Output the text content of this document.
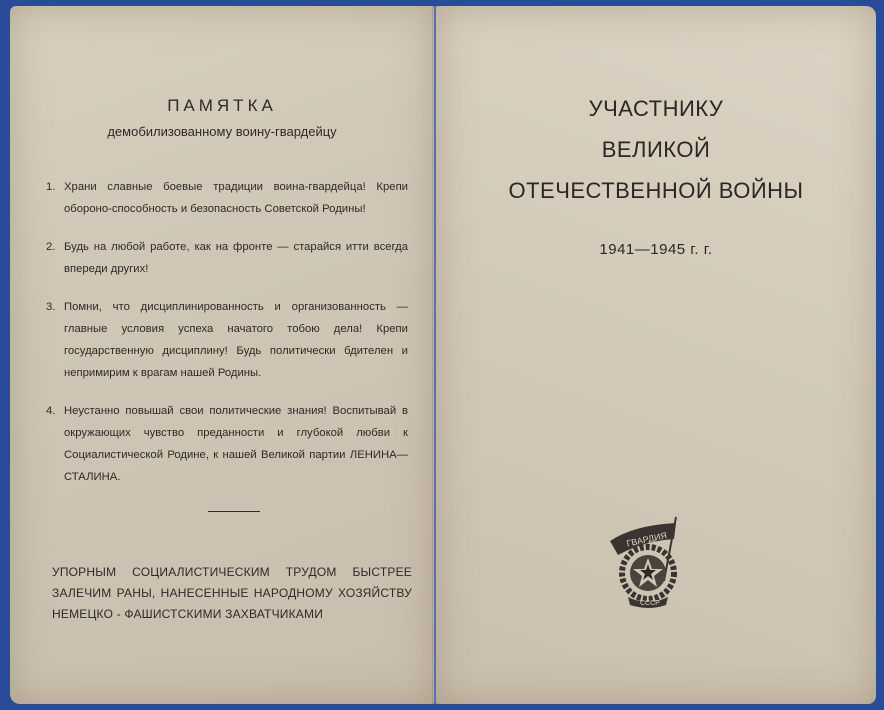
ПАМЯТКА
демобилизованному воину-гвардейцу
1. Храни славные боевые традиции воина-гвардейца! Крепи оборонo-способность и безопасность Советской Родины!
2. Будь на любой работе, как на фронте — старайся итти всегда впереди других!
3. Помни, что дисциплинированность и организованность — главные условия успеха начатого тобою дела! Крепи государственную дисциплину! Будь политически бдителен и непримирим к врагам нашей Родины.
4. Неустанно повышай свои политические знания! Воспитывай в окружающих чувство преданности и глубокой любви к Социалистической Родине, к нашей Великой партии ЛЕНИНА—СТАЛИНА.
УПОРНЫМ СОЦИАЛИСТИЧЕСКИМ ТРУДОМ БЫСТРЕЕ ЗАЛЕЧИМ РАНЫ, НАНЕСЕННЫЕ НАРОДНОМУ ХОЗЯЙСТВУ НЕМЕЦКО - ФАШИСТСКИМИ ЗАХВАТЧИКАМИ
УЧАСТНИКУ
ВЕЛИКОЙ
ОТЕЧЕСТВЕННОЙ ВОЙНЫ
1941—1945 г. г.
ГВАРДИЯ
СССР
